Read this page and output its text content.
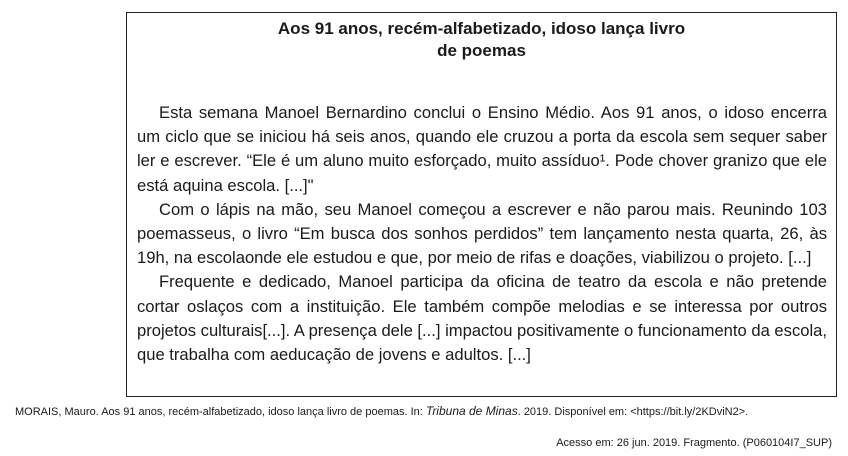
Aos 91 anos, recém-alfabetizado, idoso lança livro
de poemas

Esta semana Manoel Bernardino conclui o Ensino Médio. Aos 91 anos, o idoso encerra um ciclo que se iniciou há seis anos, quando ele cruzou a porta da escola sem sequer saber ler e escrever. “Ele é um aluno muito esforçado, muito assíduo¹. Pode chover granizo que ele está aquina escola. [...]"

Com o lápis na mão, seu Manoel começou a escrever e não parou mais. Reunindo 103 poemasseus, o livro “Em busca dos sonhos perdidos” tem lançamento nesta quarta, 26, às 19h, na escolaonde ele estudou e que, por meio de rifas e doações, viabilizou o projeto. [...]

Frequente e dedicado, Manoel participa da oficina de teatro da escola e não pretende cortar oslaços com a instituição. Ele também compõe melodias e se interessa por outros projetos culturais[...]. A presença dele [...] impactou positivamente o funcionamento da escola, que trabalha com aeducação de jovens e adultos. [...]

MORAIS, Mauro. Aos 91 anos, recém-alfabetizado, idoso lança livro de poemas. In: Tribuna de Minas. 2019. Disponível em: <https://bit.ly/2KDviN2>.
Acesso em: 26 jun. 2019. Fragmento. (P060104I7_SUP)
